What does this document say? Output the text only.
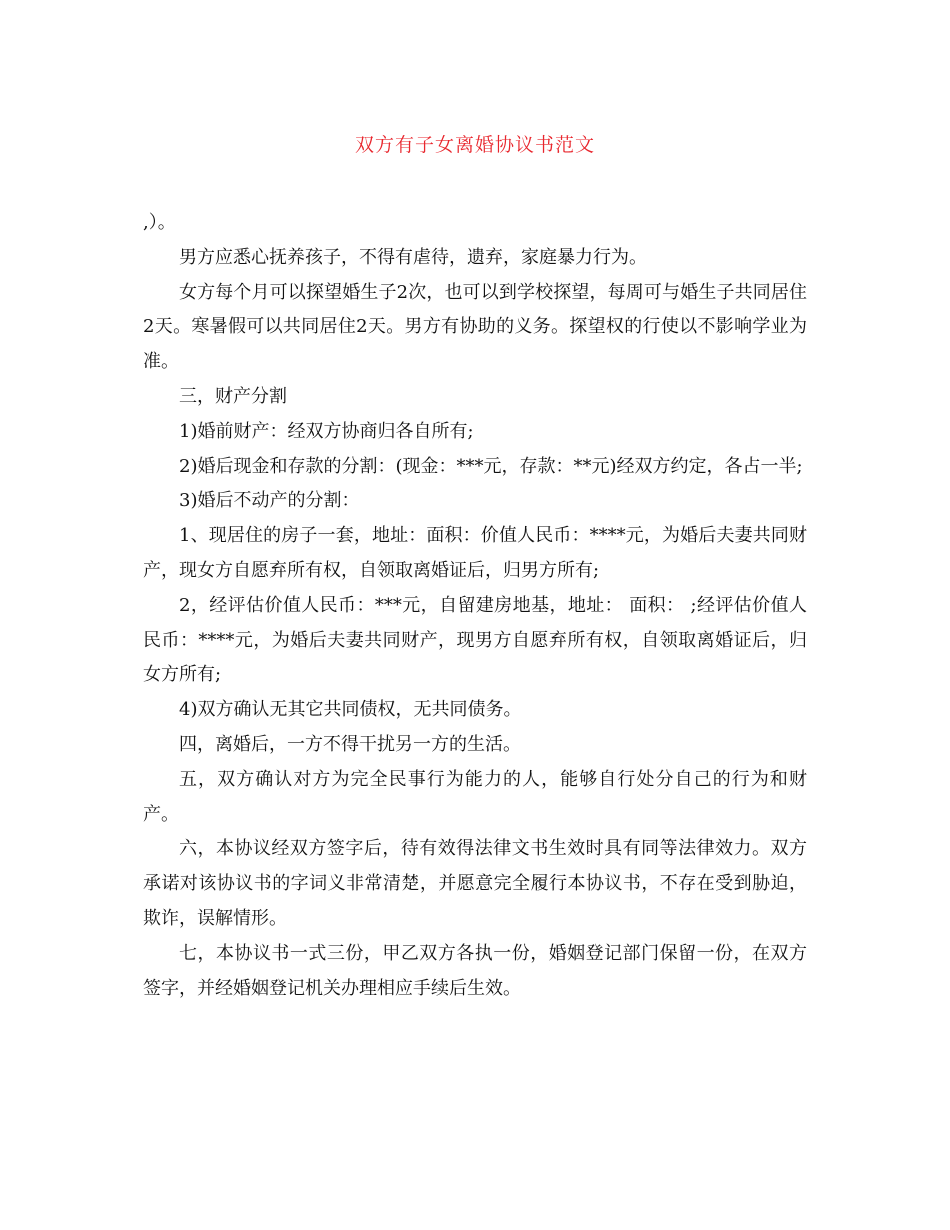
双方有子女离婚协议书范文

,）。

男方应悉心抚养孩子，不得有虐待，遗弃，家庭暴力行为。

女方每个月可以探望婚生子2次，也可以到学校探望，每周可与婚生子共同居住2天。寒暑假可以共同居住2天。男方有协助的义务。探望权的行使以不影响学业为准。

三，财产分割

1)婚前财产：经双方协商归各自所有;

2)婚后现金和存款的分割：(现金：***元，存款：**元)经双方约定，各占一半;

3)婚后不动产的分割：

1、现居住的房子一套，地址：面积：价值人民币：****元，为婚后夫妻共同财产，现女方自愿弃所有权，自领取离婚证后，归男方所有;

2，经评估价值人民币：***元，自留建房地基，地址： 面积： ;经评估价值人民币：****元，为婚后夫妻共同财产，现男方自愿弃所有权，自领取离婚证后，归女方所有;

4)双方确认无其它共同债权，无共同债务。

四，离婚后，一方不得干扰另一方的生活。

五，双方确认对方为完全民事行为能力的人，能够自行处分自己的行为和财产。

六，本协议经双方签字后，待有效得法律文书生效时具有同等法律效力。双方承诺对该协议书的字词义非常清楚，并愿意完全履行本协议书，不存在受到胁迫，欺诈，误解情形。

七，本协议书一式三份，甲乙双方各执一份，婚姻登记部门保留一份，在双方签字，并经婚姻登记机关办理相应手续后生效。
